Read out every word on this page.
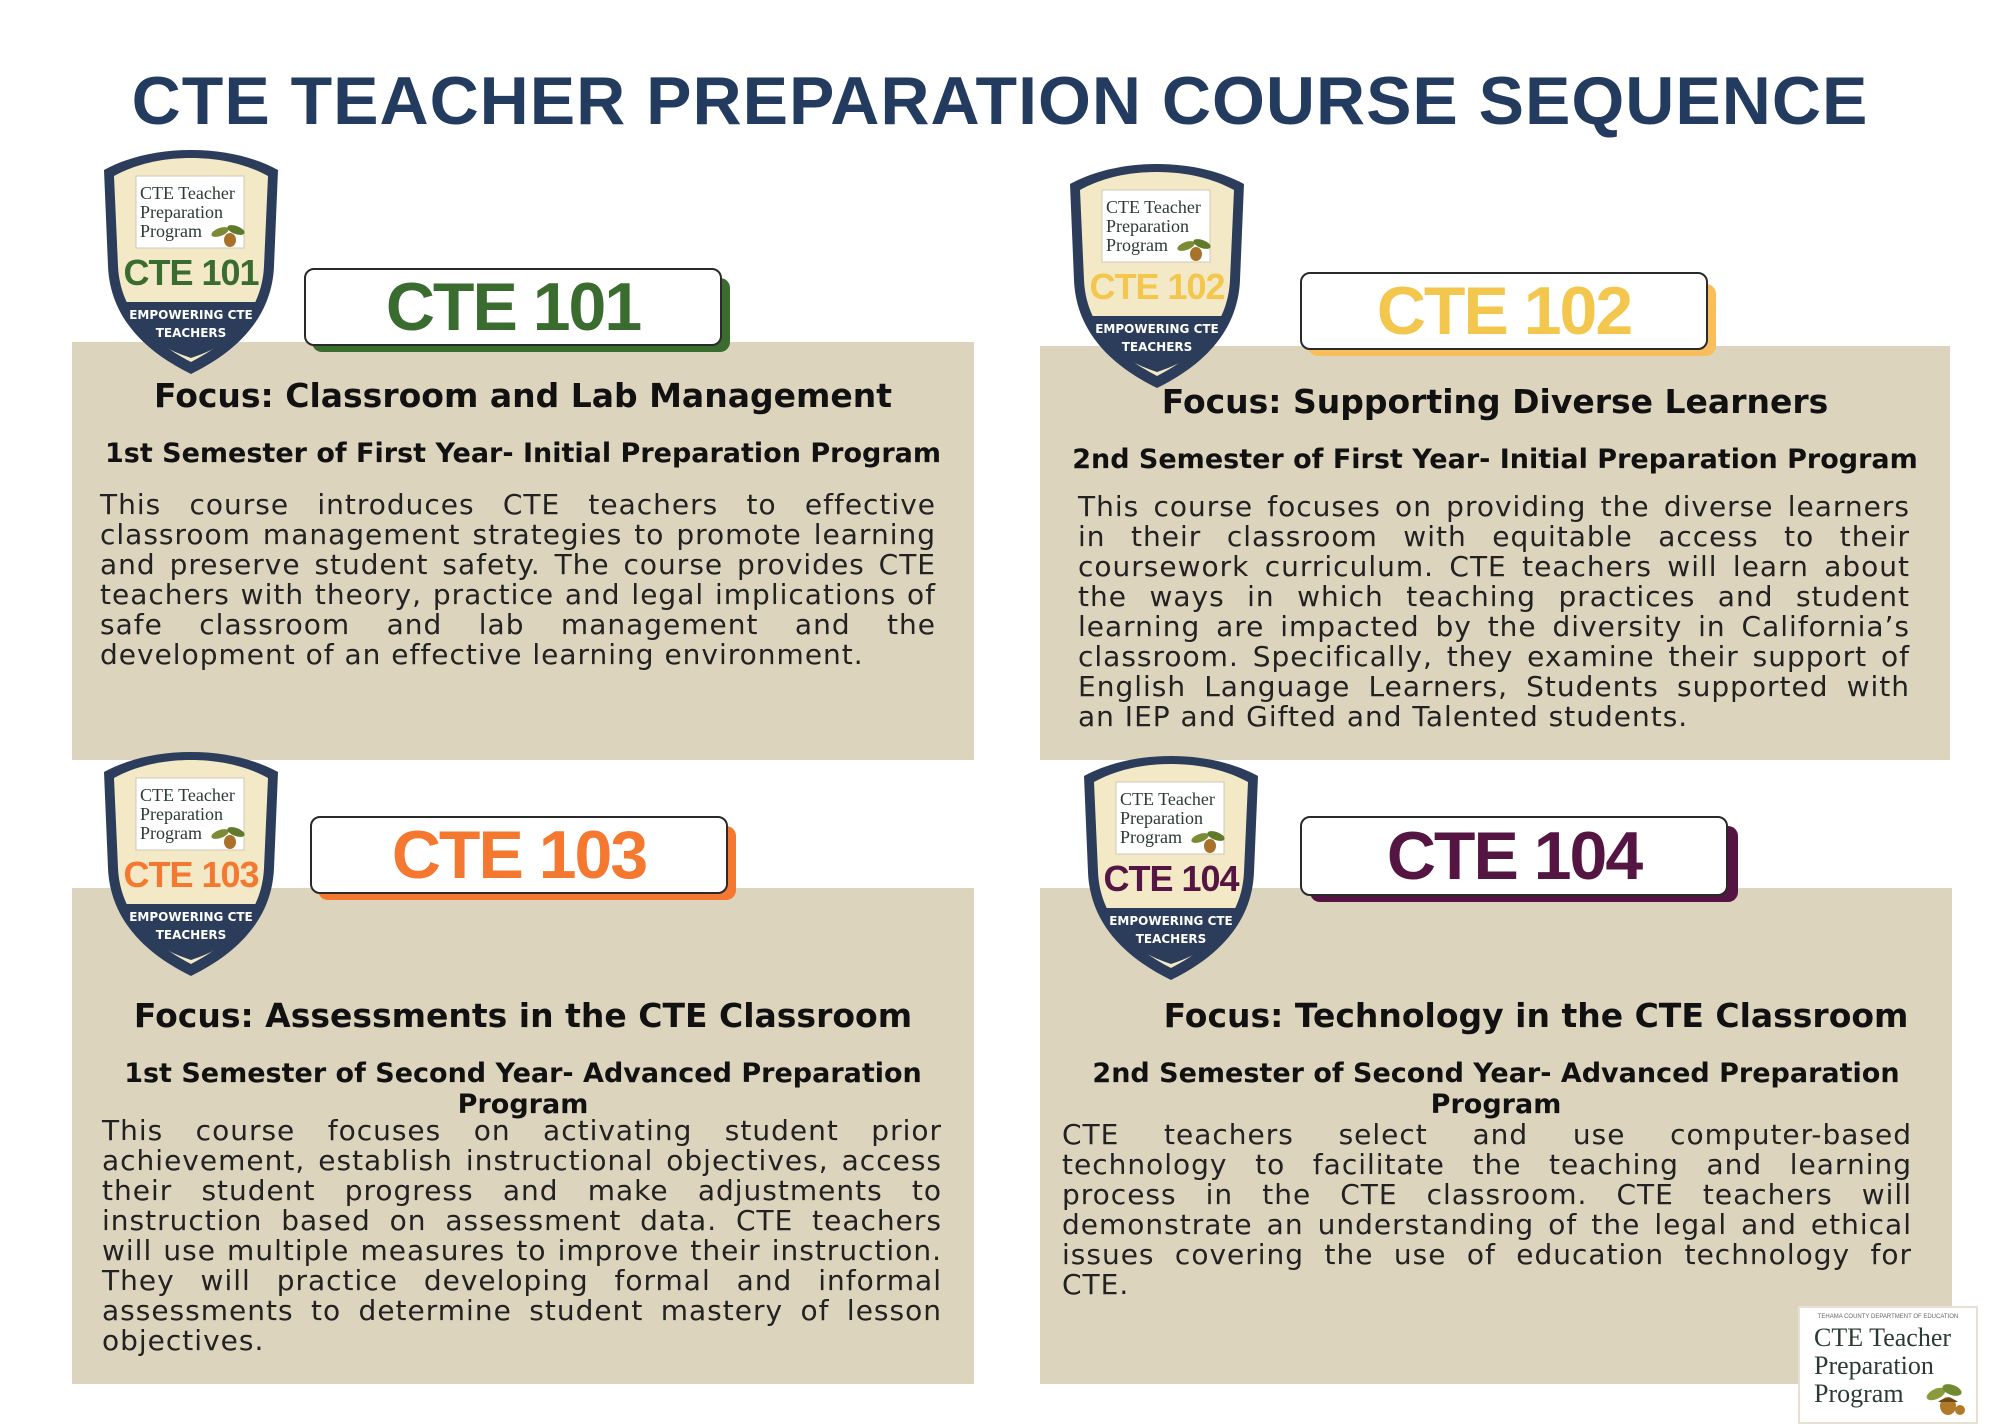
CTE TEACHER PREPARATION COURSE SEQUENCE
Focus: Classroom and Lab Management
1st Semester of First Year- Initial Preparation Program

This course introduces CTE teachers to effective classroom management strategies to promote learning and preserve student safety. The course provides CTE teachers with theory, practice and legal implications of safe classroom and lab management and the development of an effective learning environment.

CTE 101
Focus: Supporting Diverse Learners
2nd Semester of First Year- Initial Preparation Program

This course focuses on providing the diverse learners in their classroom with equitable access to their coursework curriculum. CTE teachers will learn about the ways in which teaching practices and student learning are impacted by the diversity in California’s classroom. Specifically, they examine their support of English Language Learners, Students supported with an IEP and Gifted and Talented students.

CTE 102
Focus: Assessments in the CTE Classroom
1st Semester of Second Year- Advanced Preparation Program

This course focuses on activating student prior achievement, establish instructional objectives, access their student progress and make adjustments to instruction based on assessment data. CTE teachers will use multiple measures to improve their instruction. They will practice developing formal and informal assessments to determine student mastery of lesson objectives.

CTE 103
Focus: Technology in the CTE Classroom
2nd Semester of Second Year- Advanced Preparation Program

CTE teachers select and use computer-based technology to facilitate the teaching and learning process in the CTE classroom. CTE teachers will demonstrate an understanding of the legal and ethical issues covering the use of education technology for CTE.

CTE 104
CTE Teacher
Preparation
Program
CTE 101
EMPOWERING CTE
TEACHERS
CTE Teacher
Preparation
Program
CTE 102
EMPOWERING CTE
TEACHERS
CTE Teacher
Preparation
Program
CTE 103
EMPOWERING CTE
TEACHERS
CTE Teacher
Preparation
Program
CTE 104
EMPOWERING CTE
TEACHERS
TEHAMA COUNTY DEPARTMENT OF EDUCATION
CTE Teacher
Preparation
Program
